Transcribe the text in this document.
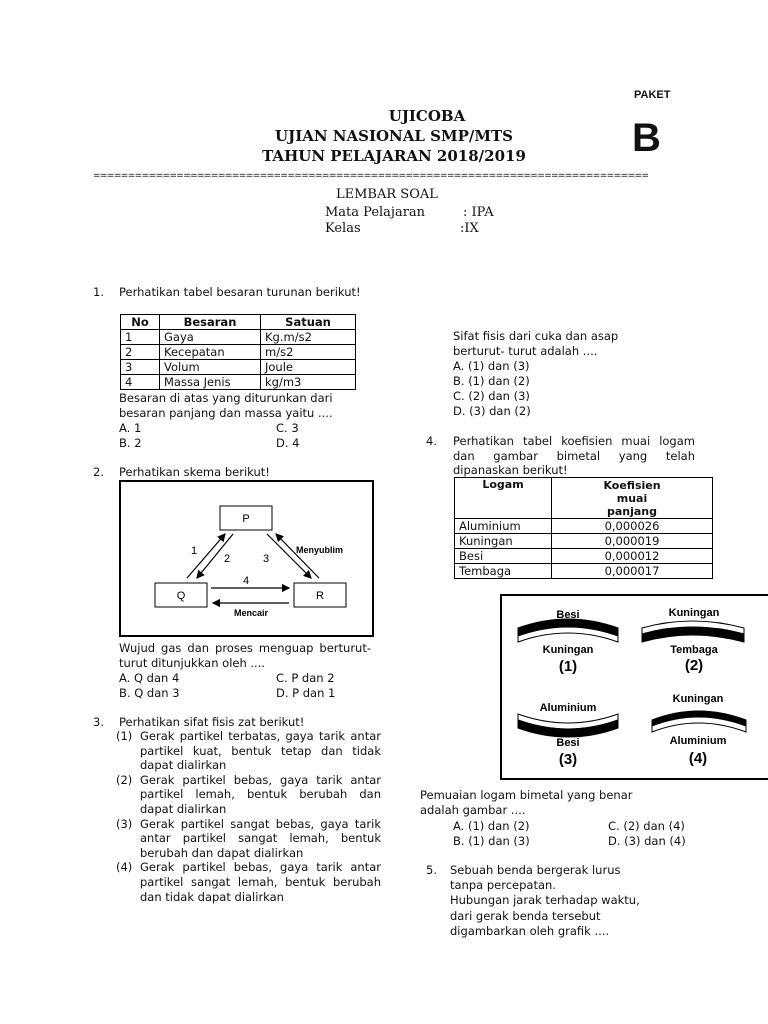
PAKET
B
UJICOBA
UJIAN NASIONAL SMP/MTS
TAHUN PELAJARAN 2018/2019
================================================================================
LEMBAR SOAL
Mata Pelajaran	: IPA
Kelas	:IX
1. Perhatikan tabel besaran turunan berikut!
No	Besaran	Satuan
1	Gaya	Kg.m/s2
2	Kecepatan	m/s2
3	Volum	Joule
4	Massa Jenis	kg/m3
Besaran di atas yang diturunkan dari besaran panjang dan massa yaitu ....
A. 1	C. 3
B. 2	D. 4
2. Perhatikan skema berikut!
P
Q	R
1
2	3
4
Menyublim
Mencair
Wujud gas dan proses menguap berturut-turut ditunjukkan oleh ....
A. Q dan 4	C. P dan 2
B. Q dan 3	D. P dan 1
3. Perhatikan sifat fisis zat berikut!
(1) Gerak partikel terbatas, gaya tarik antar partikel kuat, bentuk tetap dan tidak dapat dialirkan
(2) Gerak partikel bebas, gaya tarik antar partikel lemah, bentuk berubah dan dapat dialirkan
(3) Gerak partikel sangat bebas, gaya tarik antar partikel sangat lemah, bentuk berubah dan dapat dialirkan
(4) Gerak partikel bebas, gaya tarik antar partikel sangat lemah, bentuk berubah dan tidak dapat dialirkan
Sifat fisis dari cuka dan asap berturut- turut adalah ....
A. (1) dan (3)
B. (1) dan (2)
C. (2) dan (3)
D. (3) dan (2)
4. Perhatikan tabel koefisien muai logam dan gambar bimetal yang telah dipanaskan berikut!
Logam	Koefisien
muai
panjang

Aluminium	0,000026
Kuningan	0,000019
Besi	0,000012
Tembaga	0,000017
Besi
Kuningan
(1)
Kuningan
Tembaga
(2)
Aluminium
Besi
(3)
Kuningan
Aluminium
(4)
Pemuaian logam bimetal yang benar adalah gambar ....
A. (1) dan (2)	C. (2) dan (4)
B. (1) dan (3)	D. (3) dan (4)
5. Sebuah benda bergerak lurus
tanpa percepatan.
Hubungan jarak terhadap waktu,
dari gerak benda tersebut
digambarkan oleh grafik ....
